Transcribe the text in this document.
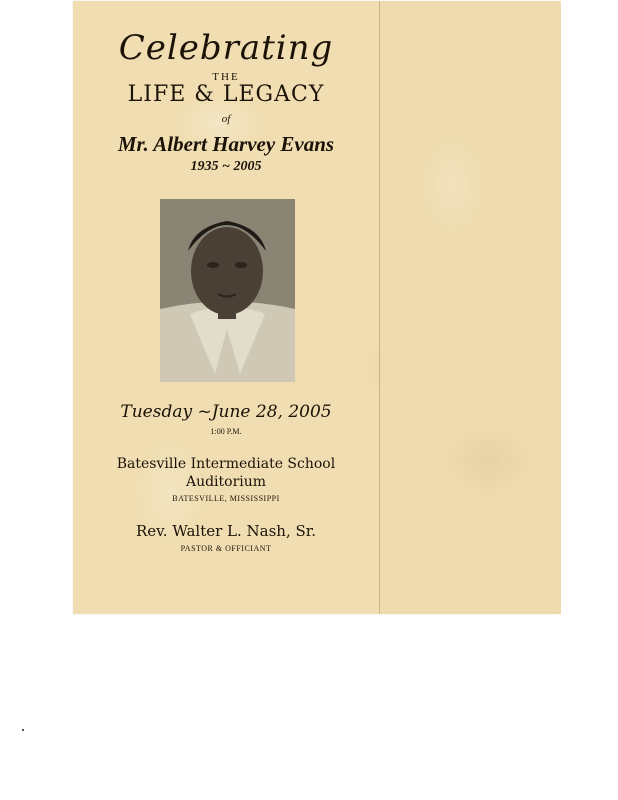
Celebrating
THE
LIFE & LEGACY
of
Mr. Albert Harvey Evans
1935 ~ 2005
Tuesday ~June 28, 2005
1:00 P.M.
Batesville Intermediate School
Auditorium
BATESVILLE, MISSISSIPPI
Rev. Walter L. Nash, Sr.
PASTOR & OFFICIANT
